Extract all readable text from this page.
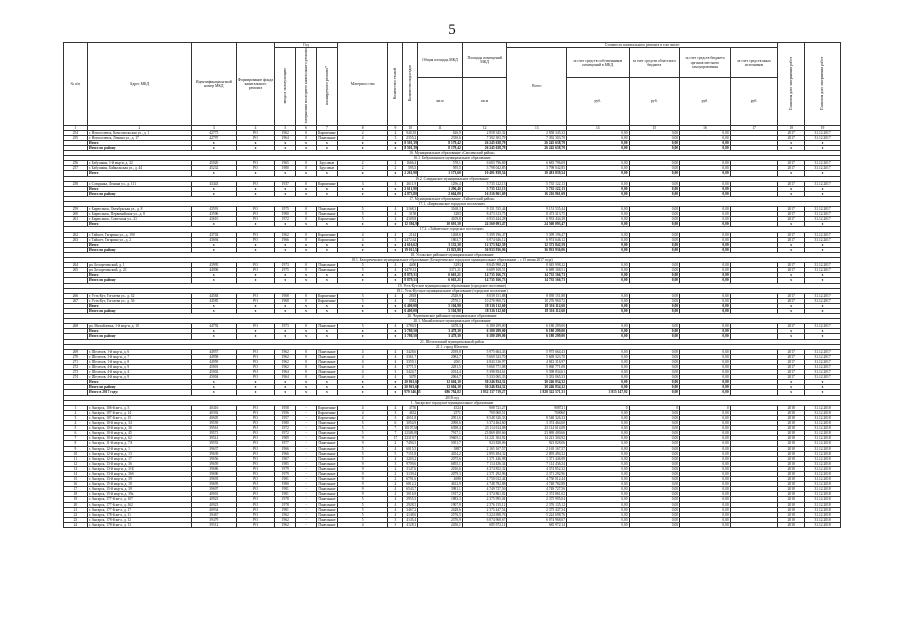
5
№ п/п	Адрес МКД	Идентификацион-ный номер МКД	Формирование фонда капитального ремонта	Год			Материал стен	Количество этажей	Количество подъездов	Общая площадь МКД	Площадь помещений МКД	Стоимость капитального ремонта в том числе:					Плановая дата завершения работ	Плановая дата завершения работ
				ввода в эксплуатацию	завершения последнего капитального ремонта	планируемого ремонта*						Всего	за счет средств собственников помещений в МКД	за счет средств областного бюджета	за счет средств бюджета органов местного самоуправления	за счет средств иных источников		
										кв.м	кв.м		руб.	руб.	руб.	руб.		
1	2	3	4	5	6	7	8	9	10	11	12	13	14	15	16	17	18	19
254	г. Новосолевск, Комсомольская ул., д. 1	42775	РО	1962	0	Кирпичные	2	2	940,35	626,9	2 858 345,32	2 858 345,32	0,00	0,00	0,00		2017	31.12.2017
255	г. Новосолевск, Ленина ул., д. 17	42797	РО	1964	0	Панельные	4	3	2355,2	2330,6	7 392 303,79	7 392 303,79	0,00	0,00	0,00		2017	31.12.2017
	Итого	х	х	х	х	х	х	х	8 501,39	8 179,42	26 245 638,79	26 245 638,79	0,00	0,00	0,00		х	х
	Итого по району	х	х	х	х	х	х	х	8 501,39	8 179,42	26 245 638,79	26 245 638,79	0,00	0,00	0,00		х	х
16. Муниципальное образование «Смоленский район»																		
16.1. Бабушкинское муниципальное образование																		
256	г. Бабушкин, 1-й мкр-н, д. 32	45020	РО	1965	0	Брусовые	2	2	1666,4	578,1	6 683 796,69	6 683 796,69	0,00	0,00	0,00		2017	31.12.2017
257	г. Бабушкин, Байкальская ул., д. 44	45232	РО	1980	0	Брусовые	2	2	595,5	595,5	3 798 042,85	3 798 042,85	0,00	0,00	0,00		2017	31.12.2017
	Итого	х	х	х	х	х	х	х	2 261,90	1 173,60	10 481 839,54	10 481 839,54	0,00	0,00	0,00		х	х
16.2. Слюдянское муниципальное образование																		
258	г. Слюдянка, Ленина ул., д. 111	43443	РО	1937	0	Кирпичные	3	3	2611,9	1296,4	5 735 122,13	5 735 122,13	0,00	0,00	0,00		2017	31.12.2017
	Итого	х	х	х	х	х	х	х	2 611,90	1 296,40	5 735 122,13	5 735 122,13	0,00	0,00	0,00		х	х
	Итого по району	х	х	х	х	х	х	х	4 873,80	2 664,00	16 216 961,69	16 216 961,69	0,00	0,00	0,00		х	х
17. Муниципальное образование «Тайшетский район»																		
17.1. «Бирюсинское городское поселение»																		
259	г. Бирюсинск, Октябрьская ул., д. 8	43591	РО	1975	0	Панельные	5	4	3168,3	3168,3	9 151 535,44	9 151 535,44	0,00	0,00	0,00		2017	31.12.2017
260	г. Бирюсинск, Первомайская ул., д. 8	43596	РО	1980	0	Панельные	5	4	3158	3283	8 473 313,75	8 473 313,75	0,00	0,00	0,00		2017	31.12.2017
261	г. Бирюсинск, Советская ул., 21	43610	РО	1972	0	Кирпичные	5	4	4109,8	4109,8	6 933 444,28	6 933 444,28	0,00	0,00	0,00		2017	31.12.2017
	Итого	х	х	х	х	х	х	х	12 394,90	10 691,50	24 560 093,47	24 560 093,47	0,00	0,00	0,00		х	х
17.2. «Тайшетское городское поселение»																		
262	г. Тайшет, Гагарина ул., д. 190	43702	РО	1962	0	Кирпичные	4	4	2144	1268,6	5 399 196,47	5 399 196,47	0,00	0,00	0,00		2017	31.12.2017
263	г. Тайшет, Гагарина ул., д. 2	43694	РО	1966	0	Кирпичные	4	3	2472,62	1863,7	6 974 646,12	6 974 646,12	0,00	0,00	0,00		2017	31.12.2017
	Итого	х	х	х	х	х	х	х	4 616,62	3 132,30	12 373 842,59	12 373 842,59	0,00	0,00	0,00		х	х
	Итого по району	х	х	х	х	х	х	х	19 011,52	13 823,80	36 933 936,06	36 933 936,06	0,00	0,00	0,00		х	х
18. Усольское районное муниципальное образование																		
18.1. Белореченское муниципальное образование (Белореченское городское муниципальное образование – с 15 июня 2017 года)																		
264	рп. Белореченский, д. 1	43995	РО	1973	0	Панельные	5	4	4400	3293	8 045 998,22	8 045 998,22	0,00	0,00	0,00		2017	31.12.2017
265	рп. Белореченский, д. 23	44006	РО	1975	0	Панельные	5	4	4479,31	3371,21	6 689 168,51	6 689 168,51	0,00	0,00	0,00		2017	31.12.2017
	Итого	х	х	х	х	х	х	х	8 879,31	6 663,21	14 735 166,73	14 735 166,73	0,00	0,00	0,00		х	х
	Итого по району	х	х	х	х	х	х	х	8 879,31	6 663,21	14 735 166,73	14 735 166,73	0,00	0,00	0,00		х	х
19. Усть-Кутское муниципальное образование (городское поселение)																		
19.1. Усть-Кутское муниципальное образование (городское поселение)																		
266	г. Усть-Кут, Гоголева ул., д. 32	44584	РО	1968	0	Кирпичные	5	4	2818	2528,9	8 039 151,88	8 039 151,88	0,00	0,00	0,00		2017	31.12.2017
267	г. Усть-Кут, Гоголева ул., д. 36	44585	РО	1968	0	Кирпичные	5	4	3582	2576,1	10 276 960,72	10 276 960,72	0,00	0,00	0,00		2017	31.12.2017
	Итого	х	х	х	х	х	х	х	6 400,00	5 104,90	18 316 112,60	18 316 112,60	0,00	0,00	0,00		х	х
	Итого по району	х	х	х	х	х	х	х	6 400,00	5 104,90	18 316 112,60	18 316 112,60	0,00	0,00	0,00		х	х
20. Черемховское районное муниципальное образование																		
20.1. Михайловское муниципальное образование																		
268	рп. Михайловка, 1-й мкр-н, д. 10	44792	РО	1973	0	Панельные	5	4	3780,5	3478,3	6 180 299,00	6 180 299,00	0,00	0,00	0,00		2017	31.12.2017
	Итого	х	х	х	х	х	х	х	3 780,50	3 478,30	6 180 299,00	6 180 299,00	0,00	0,00	0,00		х	х
	Итого по району	х	х	х	х	х	х	х	3 780,50	3 478,30	6 180 299,00	6 180 299,00	0,00	0,00	0,00		х	х
21. Шелеховский муниципальный район																		
21.1. город Шелехов																		
269	г. Шелехов, 1-й мкр-н, д. 6	44957	РО	1962	0	Панельные	4	4	3428,6	2039,8	5 975 664,43	5 975 664,43	0,00	0,00	0,00		2017	31.12.2017
270	г. Шелехов, 1-й мкр-н, д. 7	44958	РО	1962	0	Панельные	4	4	3361,7	2082,7	5 669 323,70	5 669 323,70	0,00	0,00	0,00		2017	31.12.2017
271	г. Шелехов, 1-й мкр-н, д. 8	44959	РО	1962	0	Панельные	4	4	3359,1	2061	4 843 316,97	4 843 316,97	0,00	0,00	0,00		2017	31.12.2017
272	г. Шелехов, 4-й мкр-н, д. 9	45001	РО	1962	0	Панельные	4	4	3771,5	2281,5	5 060 771,08	5 060 771,08	0,00	0,00	0,00		2017	31.12.2017
273	г. Шелехов, 4-й мкр-н, д. 4	45002	РО	1964	0	Панельные	4	3	3424,7	2014,4	5 398 834,61	5 398 834,61	0,00	0,00	0,00		2017	31.12.2017
274	г. Шелехов, 4-й мкр-н, д. 9	45004	РО	1964	0	Панельные	4	4	3470	2064,7	5 333 065,33	5 333 065,33	0,00	0,00	0,00		2017	31.12.2017
	Итого	х	х	х	х	х	х	х	20 861,60	12 604,10	30 246 834,32	30 246 834,32	0,00	0,00	0,00		х	х
	Итого по району	х	х	х	х	х	х	х	20 861,60	12 604,10	30 246 834,32	30 246 834,32	0,00	0,00	0,00		х	х
	Итого в 2017 году:	х	х	х	х	х	х	х	979 346,83	686 784,82	1 832 137 719,27	1 828 322 571,31	3 815 147,92	0,00	0,00		х	х
2018 год																		
1. Ангарское городское муниципальное образование																		
1	г. Ангарск, 106-й кв-л, д. 5	40416	РО	1958	-	Кирпичные	4	4	4750	4524	908 721,27	908721	0	0	0		2018	31.12.2018
2	г. Ангарск, 107-й кв-л, д. 14	40392	РО	1956	-	Кирпичные	4	3	4632	2571	700 060,51	700060	0,00	0,00	0,00		2018	31.12.2018
3	г. Ангарск, 107-й кв-л, д. 15	40605	РО	1957	-	Кирпичные	4	3	4651,8	2951,6	8 548 326,33	8 548 326,33	0,00	0,00	0,00		2018	31.12.2018
4	г. Ангарск, 10-й мкр-н, д. 34	39559	РО	1980	-	Панельные	5	6	3054,9	2090,6	3 374 464,60	3 374 464,60	0,00	0,00	0,00		2018	31.12.2018
5	г. Ангарск, 10-й мкр-н, д. 36	39561	РО	1972	-	Панельные	5	7	10107,66	6398,4	23 114 614,08	23 114 614,08	0,00	0,00	0,00		2018	31.12.2018
6	г. Ангарск, 10-й мкр-н, д. 45	39571	РО	1972	-	Панельные	5	7	12349,81	7917,1	23 869 400,66	23 869 400,66	0,00	0,00	0,00		2018	31.12.2018
7	г. Ангарск, 10-й мкр-н, д. 62	39512	РО	1989	-	Панельные	9	17	22319,7	19605,1	14 221 304,92	14 221 304,92	0,00	0,00	0,00		2018	31.12.2018
8	г. Ангарск, 11-й мкр-н, д. 7А	39555	РО	1977	-	Панельные	9	2	7494,5	5051,7	923 828,06	923 828,06	0,00	0,00	0,00		2018	31.12.2018
9	г. Ангарск, 12-й мкр-н, д. 1	39637	РО	1966	-	Панельные	5	4	6015,5	3887	2 165 167,57	2 165 167,57	0,00	0,00	0,00		2018	31.12.2018
10	г. Ангарск, 12-й мкр-н, д. 13	39639	РО	1966	-	Панельные	5	5	7151,8	4454,2	2 895 494,32	2 895 494,32	0,00	0,00	0,00		2018	31.12.2018
11	г. Ангарск, 12-й мкр-н, д. 17	39656	РО	1967	-	Панельные	5	4	3203,2	2075,6	1 371 446,98	1 371 446,98	0,00	0,00	0,00		2018	31.12.2018
12	г. Ангарск, 13-й мкр-н, д. 36	39659	РО	1985	-	Панельные	9	3	9709,6	6855,1	7 114 436,34	7 114 436,34	0,00	0,00	0,00		2018	31.12.2018
13	г. Ангарск, 13-й мкр-н, д. 31Б	39686	РО	1979	-	Панельные	9	2	3147,6	2016,6	4 374 852,32	4 374 852,32	0,00	0,00	0,00		2018	31.12.2018
14	г. Ангарск, 13-й мкр-н, д. 36б	39690	РО	1979	-	Панельные	9	2	3139,4	2079,3	2 371 292,96	2 371 292,96	0,00	0,00	0,00		2018	31.12.2018
15	г. Ангарск, 13-й мкр-н, д. 39	39693	РО	1981	-	Панельные	9	2	6791,6	4698	4 750 012,44	4 750 012,44	0,00	0,00	0,00		2018	31.12.2018
16	г. Ангарск, 15-й мкр-н, д. 18	39695	РО	1980	-	Панельные	9	2	6812,2	4612,9	4 748 782,88	4 748 782,88	0,00	0,00	0,00		2018	31.12.2018
17	г. Ангарск, 15-й мкр-н, д. 39	39697	РО	1981	-	Панельные	9	4	6543,7	3981,1	4 749 727,56	4 749 727,56	0,00	0,00	0,00		2018	31.12.2018
18	г. Ангарск, 15-й мкр-н, д. 39а	40001	РО	1981	-	Панельные	9	2	3016,9	1917,2	2 374 861,02	2 374 861,02	0,00	0,00	0,00		2018	31.12.2018
19	г. Ангарск, 177-й кв-л, д. 107	40923	РО	1978	-	Панельные	5	4	2955,3	1883,3	2 375 995,04	2 375 995,04	0,00	0,00	0,00		2018	31.12.2018
20	г. Ангарск, 177-й кв-л, д. 162	40923	РО	1978	-	Панельные	5	4	2928,5	1907,9	2 376 135,12	2 376 135,12	0,00	0,00	0,00		2018	31.12.2018
21	г. Ангарск, 177-й кв-л, д. 17	40934	РО	1981	-	Панельные	5	4	3467,2	2428,6	2 375 447,54	2 375 447,54	0,00	0,00	0,00		2018	31.12.2018
22	г. Ангарск, 178-й кв-л, д. 11	39467	РО	1962	-	Панельные	5	4	4148,6	2576,5	5 224 698,76	5 224 698,76	0,00	0,00	0,00		2018	31.12.2018
23	г. Ангарск, 178-й кв-л, д. 12	39479	РО	1962	-	Панельные	5	3	4145,4	2376,9	6 074 968,67	6 074 968,67	0,00	0,00	0,00		2018	31.12.2018
24	г. Ангарск, 178-й кв-л, д. 13	39512	РО	1962	-	Панельные	4	3	4128,3	2456,1	685 972,14	685 972,14	0,00	0,00	0,00		2018	31.12.2018
